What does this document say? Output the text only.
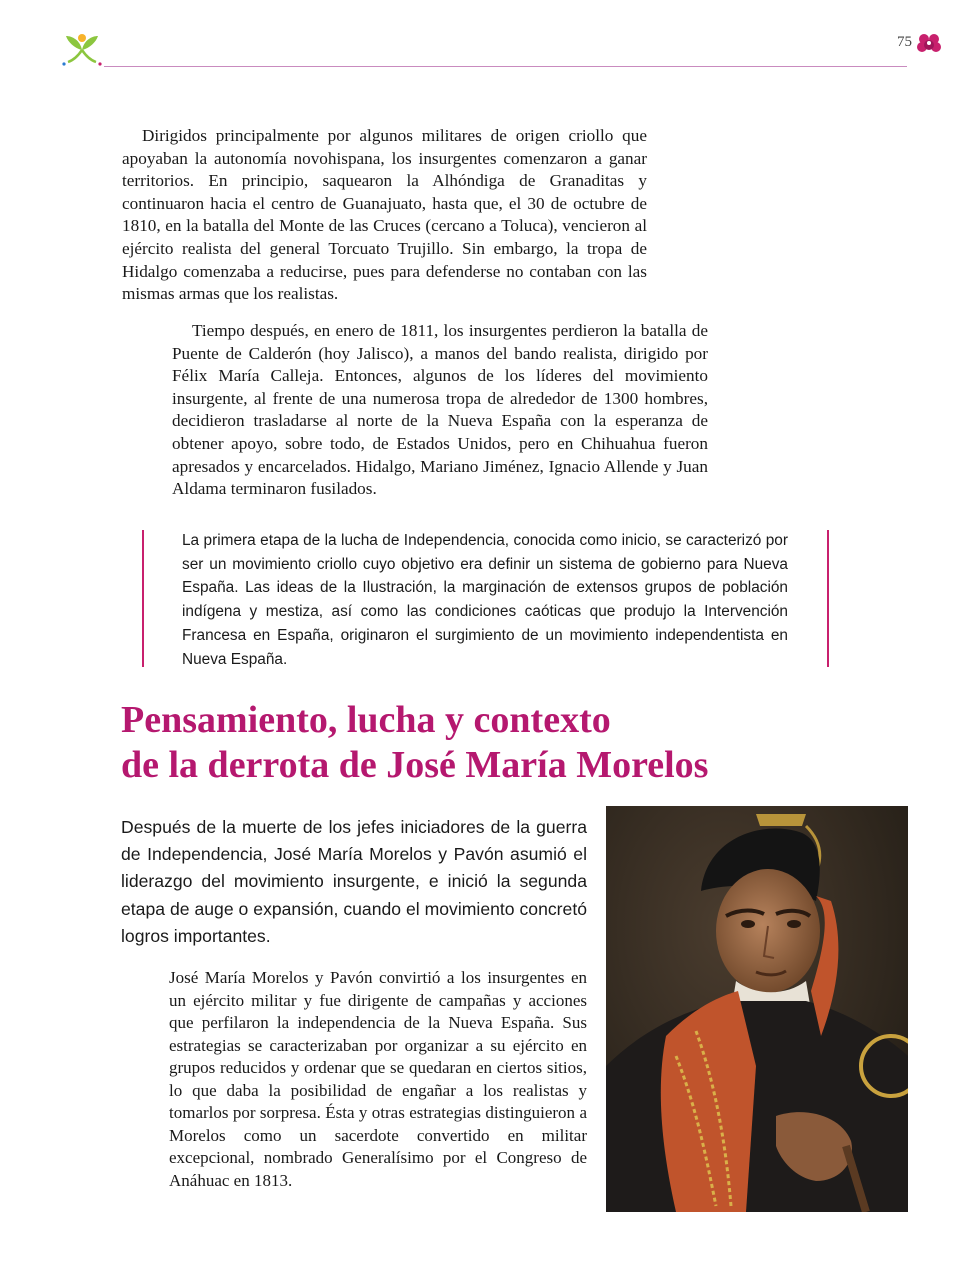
75

Dirigidos principalmente por algunos militares de origen criollo que apoyaban la autonomía novohispana, los insurgentes comenzaron a ganar territorios. En principio, saquearon la Alhóndiga de Granaditas y continuaron hacia el centro de Guanajuato, hasta que, el 30 de octubre de 1810, en la batalla del Monte de las Cruces (cercano a Toluca), vencieron al ejército realista del general Torcuato Trujillo. Sin embargo, la tropa de Hidalgo comenzaba a reducirse, pues para defenderse no contaban con las mismas armas que los realistas.

Tiempo después, en enero de 1811, los insurgentes perdieron la batalla de Puente de Calderón (hoy Jalisco), a manos del bando realista, dirigido por Félix María Calleja. Entonces, algunos de los líderes del movimiento insurgente, al frente de una numerosa tropa de alrededor de 1300 hombres, decidieron trasladarse al norte de la Nueva España con la esperanza de obtener apoyo, sobre todo, de Estados Unidos, pero en Chihuahua fueron apresados y encarcelados. Hidalgo, Mariano Jiménez, Ignacio Allende y Juan Aldama terminaron fusilados.

La primera etapa de la lucha de Independencia, conocida como inicio, se caracterizó por ser un movimiento criollo cuyo objetivo era definir un sistema de gobierno para Nueva España. Las ideas de la Ilustración, la marginación de extensos grupos de población indígena y mestiza, así como las condiciones caóticas que produjo la Intervención Francesa en España, originaron el surgimiento de un movimiento independentista en Nueva España.

Pensamiento, lucha y contexto
de la derrota de José María Morelos

Después de la muerte de los jefes iniciadores de la guerra de Independencia, José María Morelos y Pavón asumió el liderazgo del movimiento insurgente, e inició la segunda etapa de auge o expansión, cuando el movimiento concretó logros importantes.

José María Morelos y Pavón convirtió a los insurgentes en un ejército militar y fue dirigente de campañas y acciones que perfilaron la independencia de la Nueva España. Sus estrategias se caracterizaban por organizar a su ejército en grupos reducidos y ordenar que se quedaran en ciertos sitios, lo que daba la posibilidad de engañar a los realistas y tomarlos por sorpresa. Ésta y otras estrategias distinguieron a Morelos como un sacerdote convertido en militar excepcional, nombrado Generalísimo por el Congreso de Anáhuac en 1813.
